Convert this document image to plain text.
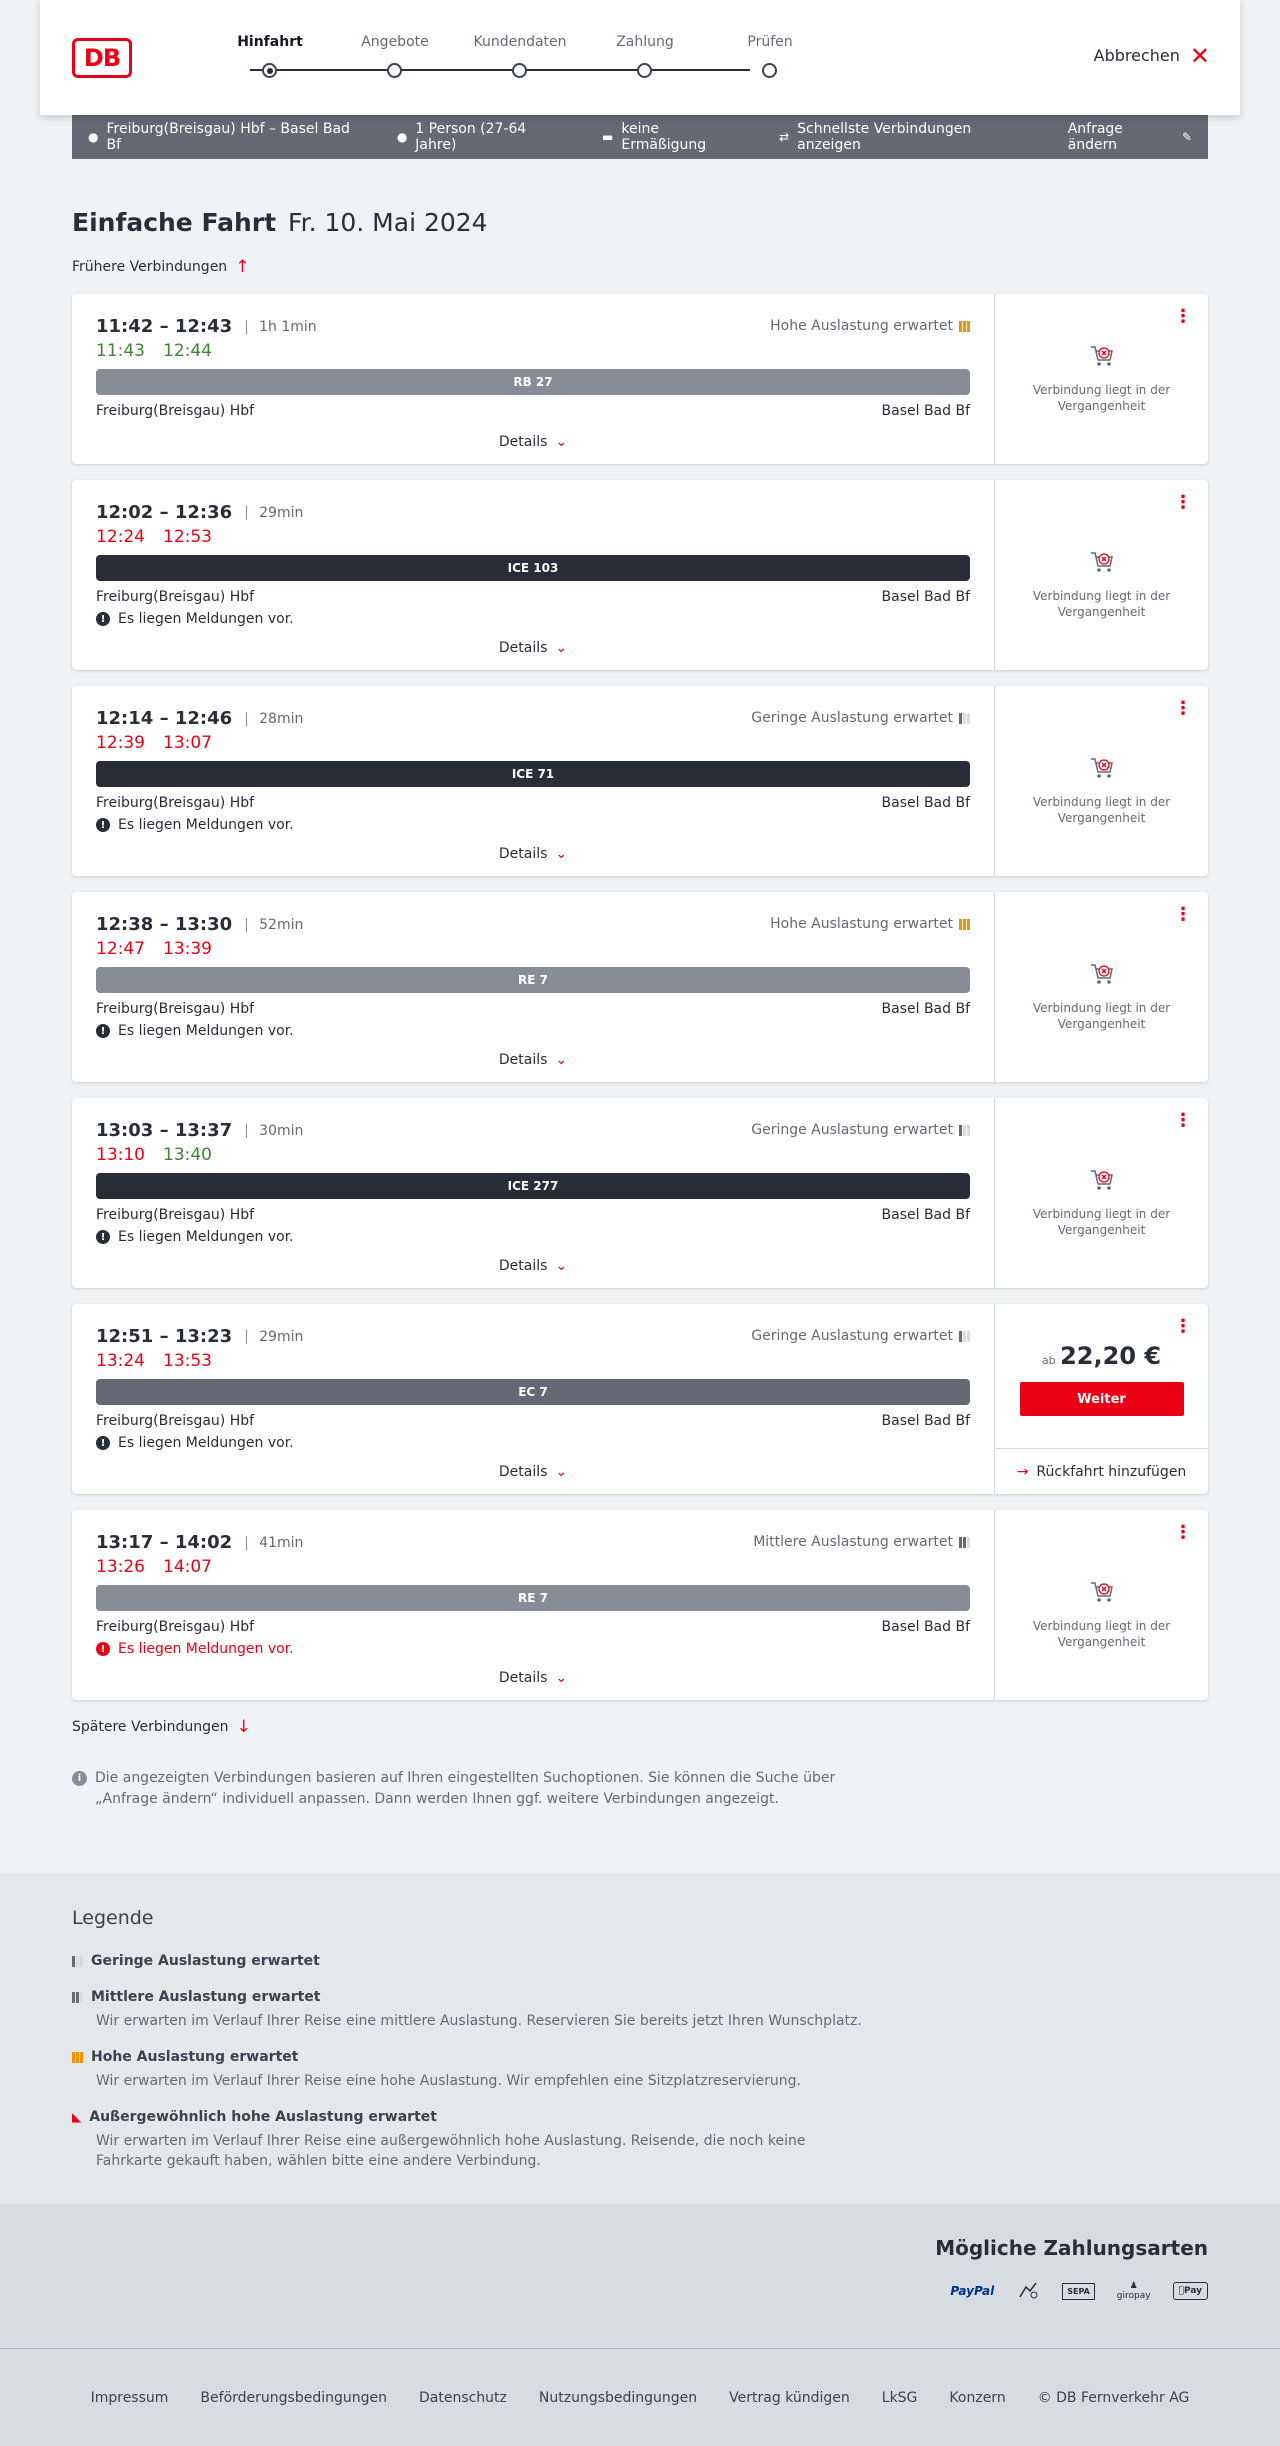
DB
Hinfahrt	Angebote	Kundendaten	Zahlung	Prüfen
Abbrechen ✕
● Freiburg(Breisgau) Hbf – Basel Bad Bf	● 1 Person (27-64 Jahre)	▬ keine Ermäßigung	⇄ Schnellste Verbindungen anzeigen
Anfrage ändern	✎
Einfache Fahrt Fr. 10. Mai 2024
Frühere Verbindungen ↑
11:42 – 12:43	1h 1min	Hohe Auslastung erwartet
11:43 12:44
RB 27
Freiburg(Breisgau) Hbf	Basel Bad Bf
Details ⌄
⋮
Verbindung liegt in der Vergangenheit
12:02 – 12:36	29min
12:24 12:53
ICE 103
Freiburg(Breisgau) Hbf	Basel Bad Bf
! Es liegen Meldungen vor.
Details ⌄
⋮
Verbindung liegt in der Vergangenheit
12:14 – 12:46	28min	Geringe Auslastung erwartet
12:39 13:07
ICE 71
Freiburg(Breisgau) Hbf	Basel Bad Bf
! Es liegen Meldungen vor.
Details ⌄
⋮
Verbindung liegt in der Vergangenheit
12:38 – 13:30	52min	Hohe Auslastung erwartet
12:47 13:39
RE 7
Freiburg(Breisgau) Hbf	Basel Bad Bf
! Es liegen Meldungen vor.
Details ⌄
⋮
Verbindung liegt in der Vergangenheit
13:03 – 13:37	30min	Geringe Auslastung erwartet
13:10 13:40
ICE 277
Freiburg(Breisgau) Hbf	Basel Bad Bf
! Es liegen Meldungen vor.
Details ⌄
⋮
Verbindung liegt in der Vergangenheit
12:51 – 13:23	29min	Geringe Auslastung erwartet
13:24 13:53
EC 7
Freiburg(Breisgau) Hbf	Basel Bad Bf
! Es liegen Meldungen vor.
Details ⌄
⋮
ab 22,20 €
Weiter
→ Rückfahrt hinzufügen
13:17 – 14:02	41min	Mittlere Auslastung erwartet
13:26 14:07
RE 7
Freiburg(Breisgau) Hbf	Basel Bad Bf
! Es liegen Meldungen vor.
Details ⌄
⋮
Verbindung liegt in der Vergangenheit
Spätere Verbindungen ↓
i Die angezeigten Verbindungen basieren auf Ihren eingestellten Suchoptionen. Sie können die Suche über „Anfrage ändern“ individuell anpassen. Dann werden Ihnen ggf. weitere Verbindungen angezeigt.
Legende
Geringe Auslastung erwartet
Mittlere Auslastung erwartet
Wir erwarten im Verlauf Ihrer Reise eine mittlere Auslastung. Reservieren Sie bereits jetzt Ihren Wunschplatz.
Hohe Auslastung erwartet
Wir erwarten im Verlauf Ihrer Reise eine hohe Auslastung. Wir empfehlen eine Sitzplatzreservierung.
◣ Außergewöhnlich hohe Auslastung erwartet
Wir erwarten im Verlauf Ihrer Reise eine außergewöhnlich hohe Auslastung. Reisende, die noch keine Fahrkarte gekauft haben, wählen bitte eine andere Verbindung.
Mögliche Zahlungsarten
PayPal	SEPA	♟
giropay	Pay
Impressum Beförderungsbedingungen Datenschutz Nutzungsbedingungen Vertrag kündigen LkSG Konzern © DB Fernverkehr AG
